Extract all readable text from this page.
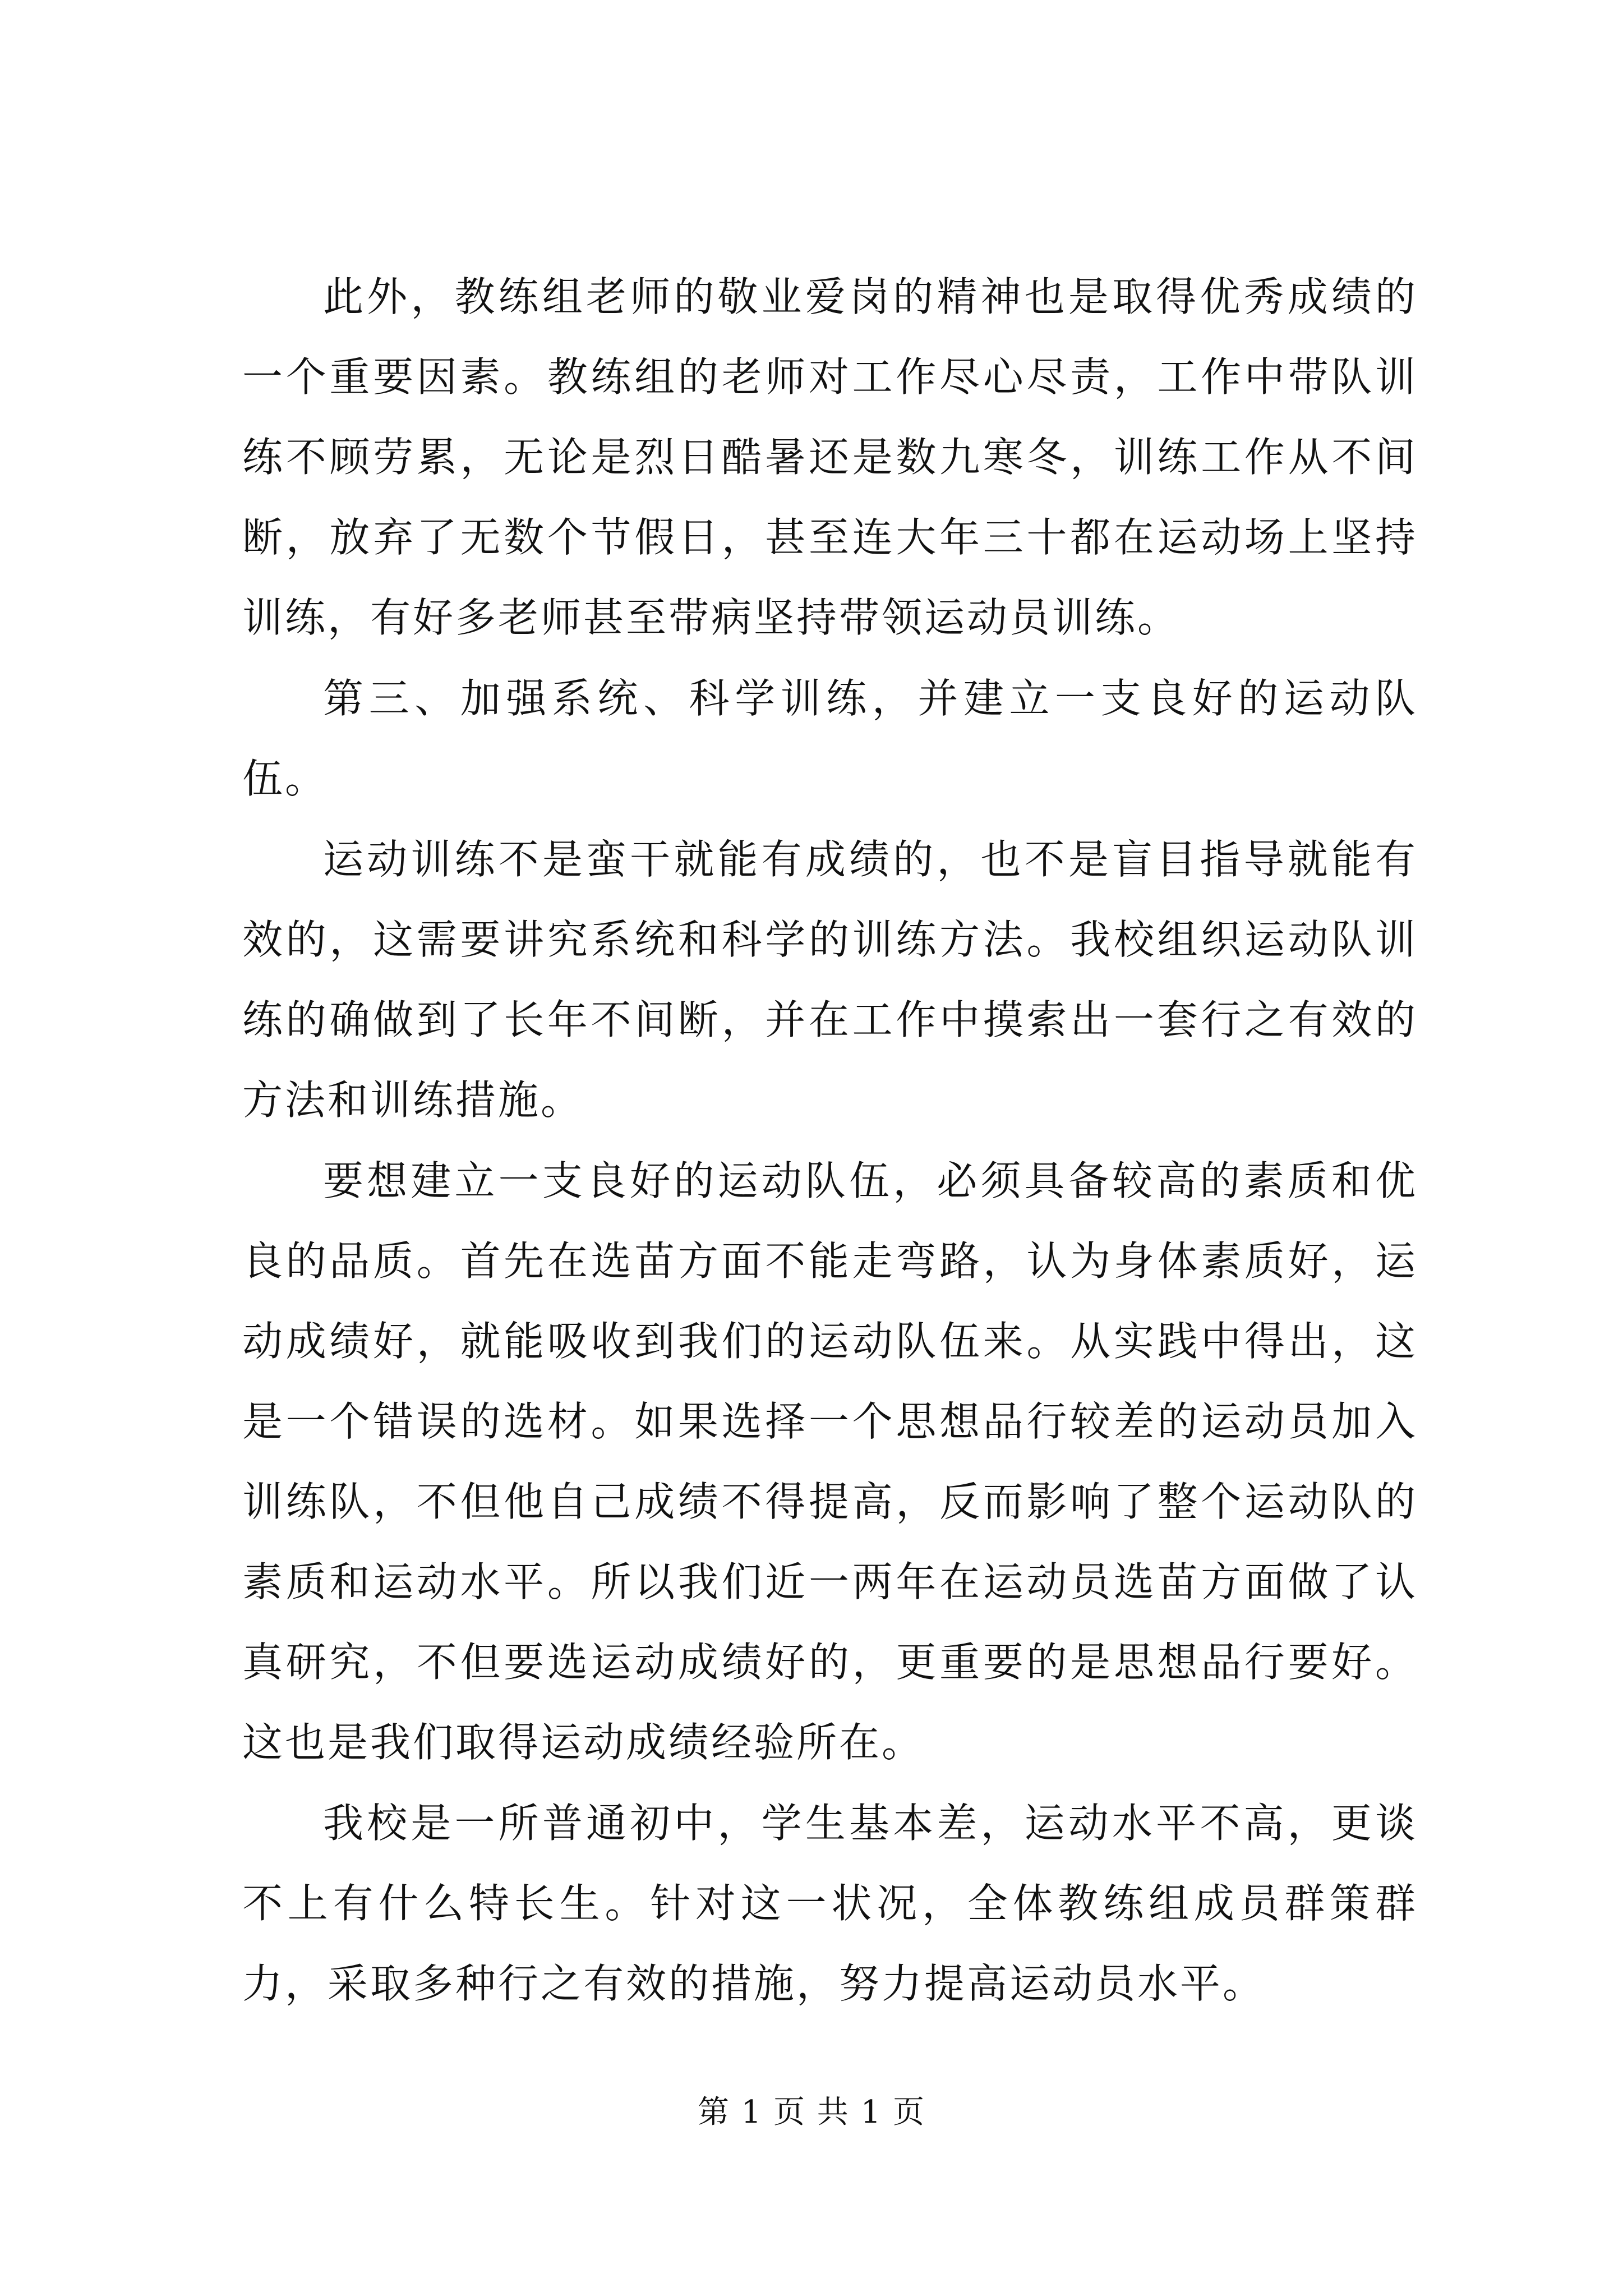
此外，教练组老师的敬业爱岗的精神也是取得优秀成绩的一个重要因素。教练组的老师对工作尽心尽责，工作中带队训练不顾劳累，无论是烈日酷暑还是数九寒冬，训练工作从不间断，放弃了无数个节假日，甚至连大年三十都在运动场上坚持训练，有好多老师甚至带病坚持带领运动员训练。

第三、加强系统、科学训练，并建立一支良好的运动队伍。

运动训练不是蛮干就能有成绩的，也不是盲目指导就能有效的，这需要讲究系统和科学的训练方法。我校组织运动队训练的确做到了长年不间断，并在工作中摸索出一套行之有效的方法和训练措施。

要想建立一支良好的运动队伍，必须具备较高的素质和优良的品质。首先在选苗方面不能走弯路，认为身体素质好，运动成绩好，就能吸收到我们的运动队伍来。从实践中得出，这是一个错误的选材。如果选择一个思想品行较差的运动员加入训练队，不但他自己成绩不得提高，反而影响了整个运动队的素质和运动水平。所以我们近一两年在运动员选苗方面做了认真研究，不但要选运动成绩好的，更重要的是思想品行要好。这也是我们取得运动成绩经验所在。

我校是一所普通初中，学生基本差，运动水平不高，更谈不上有什么特长生。针对这一状况，全体教练组成员群策群力，采取多种行之有效的措施，努力提高运动员水平。

第 1 页 共 1 页
